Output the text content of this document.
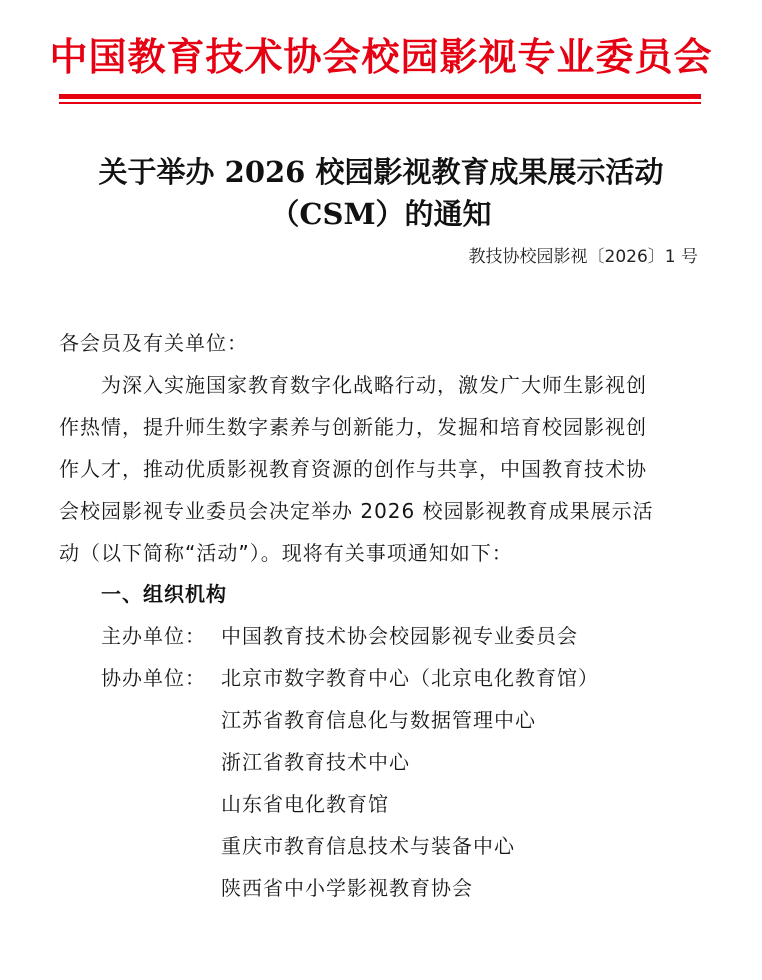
中国教育技术协会校园影视专业委员会
关于举办 2026 校园影视教育成果展示活动
（CSM）的通知
教技协校园影视〔2026〕1 号
各会员及有关单位：
为深入实施国家教育数字化战略行动，激发广大师生影视创
作热情，提升师生数字素养与创新能力，发掘和培育校园影视创
作人才，推动优质影视教育资源的创作与共享，中国教育技术协
会校园影视专业委员会决定举办 2026 校园影视教育成果展示活
动（以下简称“活动”）。现将有关事项通知如下：
一、组织机构
主办单位： 中国教育技术协会校园影视专业委员会
协办单位： 北京市数字教育中心（北京电化教育馆）
江苏省教育信息化与数据管理中心
浙江省教育技术中心
山东省电化教育馆
重庆市教育信息技术与装备中心
陕西省中小学影视教育协会
